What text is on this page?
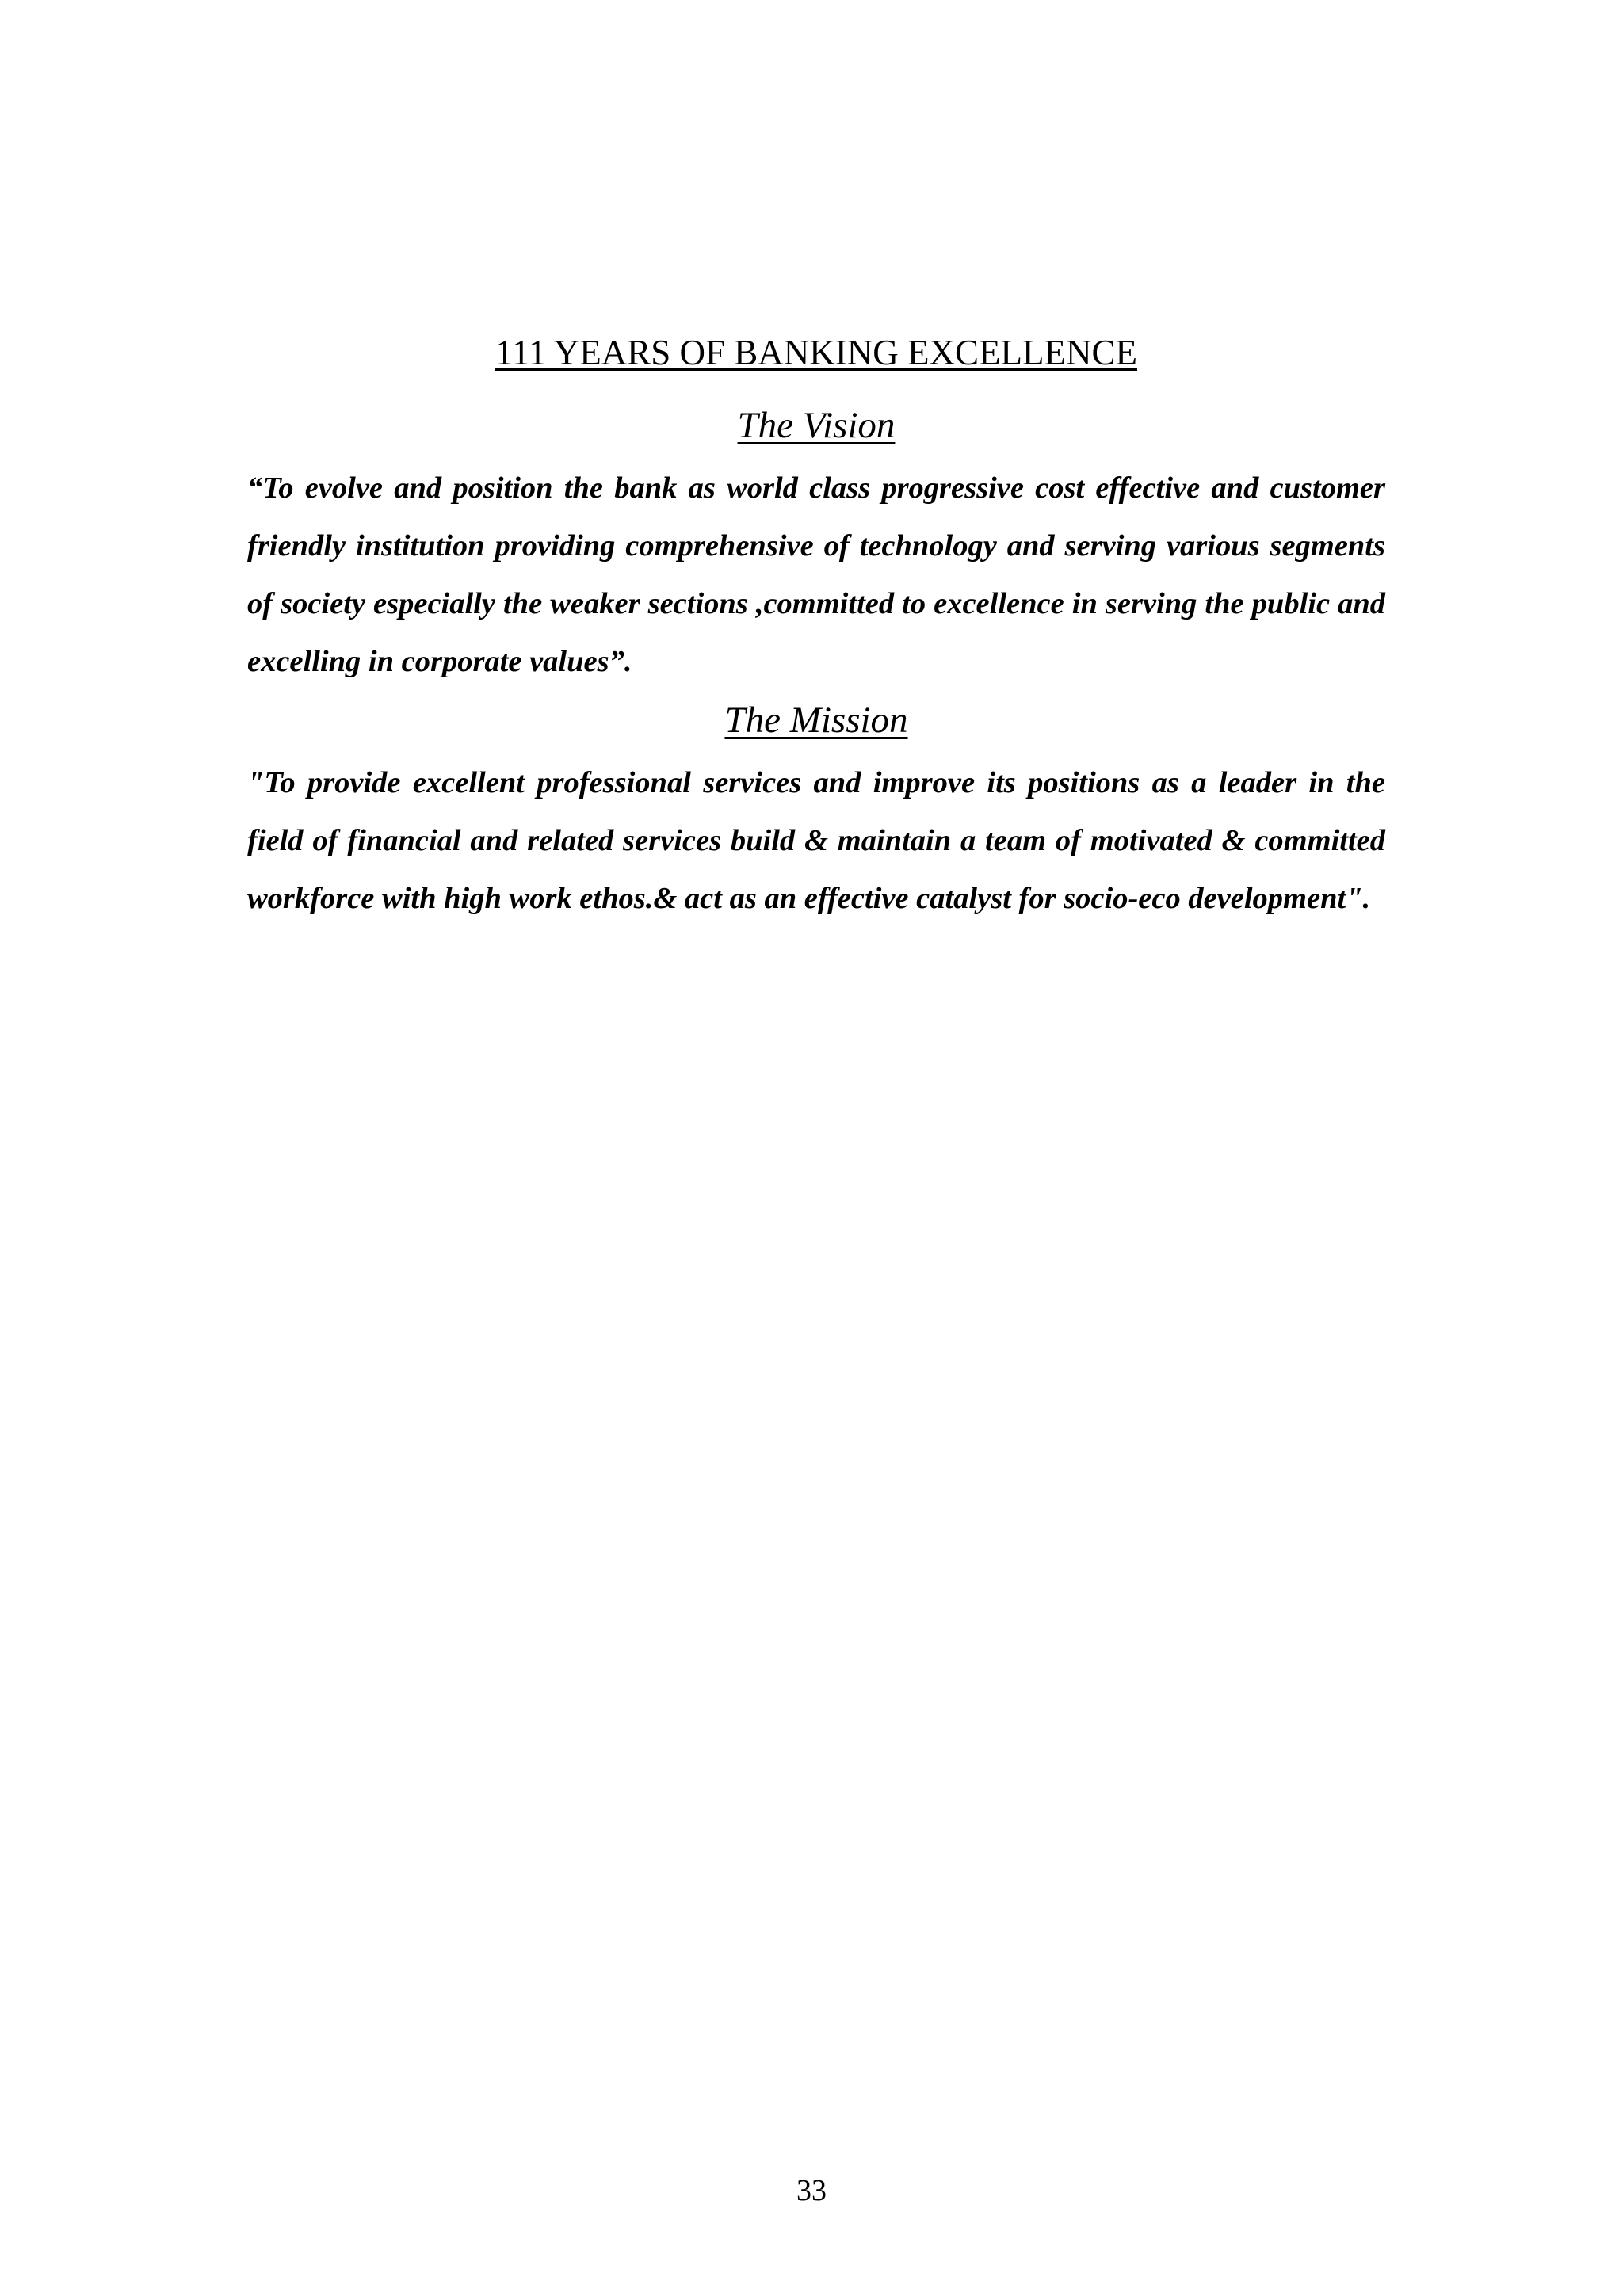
111 YEARS OF BANKING EXCELLENCE
The Vision

“To evolve and position the bank as world class progressive cost effective and customer friendly institution providing comprehensive of technology and serving various segments of society especially the weaker sections ,committed to excellence in serving the public and excelling in corporate values”.

The Mission

"To provide excellent professional services and improve its positions as a leader in the field of financial and related services build & maintain a team of motivated & committed workforce with high work ethos.& act as an effective catalyst for socio-eco development".

33
